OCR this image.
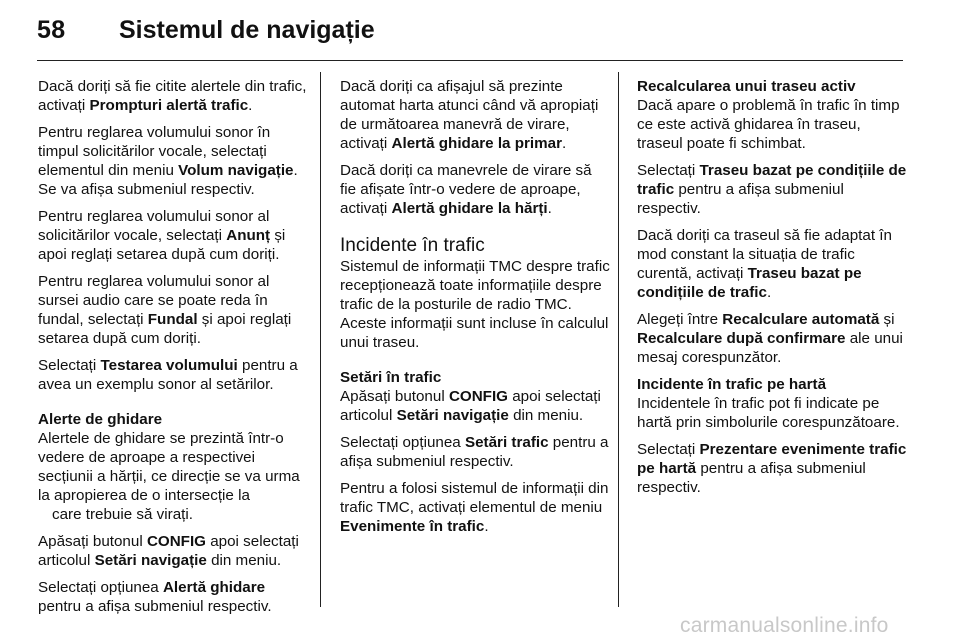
58 Sistemul de navigație

Dacă doriți să fie citite alertele din trafic, activați Prompturi alertă trafic.

Pentru reglarea volumului sonor în timpul solicitărilor vocale, selectați elementul din meniu Volum navigație. Se va afișa submeniul respectiv.

Pentru reglarea volumului sonor al solicitărilor vocale, selectați Anunț și apoi reglați setarea după cum doriți.

Pentru reglarea volumului sonor al sursei audio care se poate reda în fundal, selectați Fundal și apoi reglați setarea după cum doriți.

Selectați Testarea volumului pentru a avea un exemplu sonor al setărilor.

Alerte de ghidare

Alertele de ghidare se prezintă într-o vedere de aproape a respectivei secțiunii a hărții, ce direcție se va urma la apropierea de o intersecție la
care trebuie să virați.

Apăsați butonul CONFIG apoi selectați articolul Setări navigație din meniu.

Selectați opțiunea Alertă ghidare pentru a afișa submeniul respectiv.

Dacă doriți ca afișajul să prezinte automat harta atunci când vă apropiați de următoarea manevră de virare, activați Alertă ghidare la primar.

Dacă doriți ca manevrele de virare să fie afișate într-o vedere de aproape, activați Alertă ghidare la hărți.

Incidente în trafic

Sistemul de informații TMC despre trafic recepționează toate informațiile despre trafic de la posturile de radio TMC. Aceste informații sunt incluse în calculul unui traseu.

Setări în trafic

Apăsați butonul CONFIG apoi selectați articolul Setări navigație din meniu.

Selectați opțiunea Setări trafic pentru a afișa submeniul respectiv.

Pentru a folosi sistemul de informații din trafic TMC, activați elementul de meniu Evenimente în trafic.

Recalcularea unui traseu activ

Dacă apare o problemă în trafic în timp ce este activă ghidarea în traseu, traseul poate fi schimbat.

Selectați Traseu bazat pe condițiile de trafic pentru a afișa submeniul respectiv.

Dacă doriți ca traseul să fie adaptat în mod constant la situația de trafic curentă, activați Traseu bazat pe condițiile de trafic.

Alegeți între Recalculare automată și Recalculare după confirmare ale unui mesaj corespunzător.

Incidente în trafic pe hartă

Incidentele în trafic pot fi indicate pe hartă prin simbolurile corespunzătoare.

Selectați Prezentare evenimente trafic pe hartă pentru a afișa submeniul respectiv.

carmanualsonline.info
